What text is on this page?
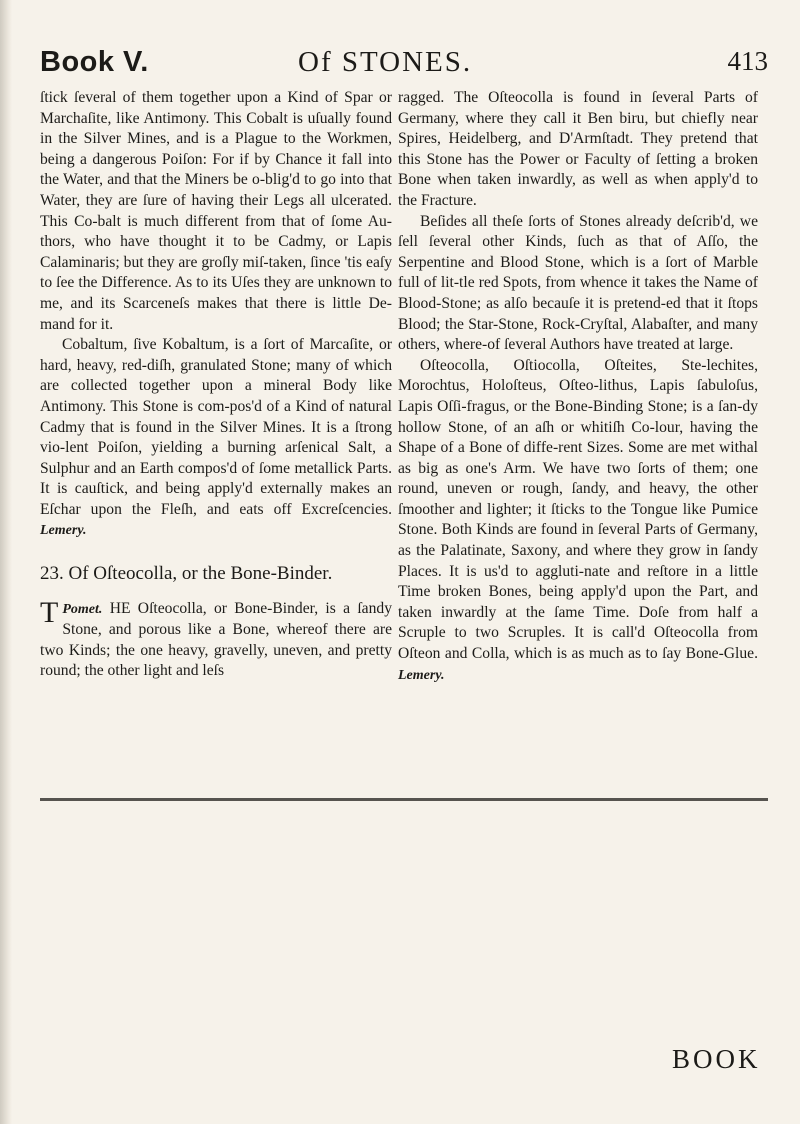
Book V.	Of STONES.	413

ſtick ſeveral of them together upon a Kind of Spar or Marchaſite, like Antimony. This Cobalt is uſually found in the Silver Mines, and is a Plague to the Workmen, being a dangerous Poiſon: For if by Chance it fall into the Water, and that the Miners be o-blig'd to go into that Water, they are ſure of having their Legs all ulcerated. This Co-balt is much different from that of ſome Au-thors, who have thought it to be Cadmy, or Lapis Calaminaris; but they are groſly miſ-taken, ſince 'tis eaſy to ſee the Difference. As to its Uſes they are unknown to me, and its Scarceneſs makes that there is little De-mand for it.

Cobaltum, ſive Kobaltum, is a ſort of Marcaſite, or hard, heavy, red-diſh, granulated Stone; many of which are collected together upon a mineral Body like Antimony. This Stone is com-pos'd of a Kind of natural Cadmy that is found in the Silver Mines. It is a ſtrong vio-lent Poiſon, yielding a burning arſenical Salt, a Sulphur and an Earth compos'd of ſome metallick Parts. It is cauſtick, and being apply'd externally makes an Eſchar upon the Fleſh, and eats off Excreſcencies. Lemery.

23. Of Oſteocolla, or the Bone-Binder.

Pomet.
T	HE Oſteocolla, or Bone-Binder, is a ſandy Stone, and porous like a Bone, whereof there are two Kinds; the one heavy, gravelly, uneven, and pretty round; the other light and leſs

ragged. The Oſteocolla is found in ſeveral Parts of Germany, where they call it Ben biru, but chiefly near Spires, Heidelberg, and D'Armſtadt. They pretend that this Stone has the Power or Faculty of ſetting a broken Bone when taken inwardly, as well as when apply'd to the Fracture.

Beſides all theſe ſorts of Stones already deſcrib'd, we ſell ſeveral other Kinds, ſuch as that of Aſſo, the Serpentine and Blood Stone, which is a ſort of Marble full of lit-tle red Spots, from whence it takes the Name of Blood-Stone; as alſo becauſe it is pretend-ed that it ſtops Blood; the Star-Stone, Rock-Cryſtal, Alabaſter, and many others, where-of ſeveral Authors have treated at large.

Oſteocolla, Oſtiocolla, Oſteites, Ste-lechites, Morochtus, Holoſteus, Oſteo-lithus, Lapis ſabuloſus, Lapis Oſſi-fragus, or the Bone-Binding Stone; is a ſan-dy hollow Stone, of an aſh or whitiſh Co-lour, having the Shape of a Bone of diffe-rent Sizes. Some are met withal as big as one's Arm. We have two ſorts of them; one round, uneven or rough, ſandy, and heavy, the other ſmoother and lighter; it ſticks to the Tongue like Pumice Stone. Both Kinds are found in ſeveral Parts of Germany, as the Palatinate, Saxony, and where they grow in ſandy Places. It is us'd to aggluti-nate and reſtore in a little Time broken Bones, being apply'd upon the Part, and taken inwardly at the ſame Time. Doſe from half a Scruple to two Scruples. It is call'd Oſteocolla from Oſteon and Colla, which is as much as to ſay Bone-Glue. Lemery.

BOOK
